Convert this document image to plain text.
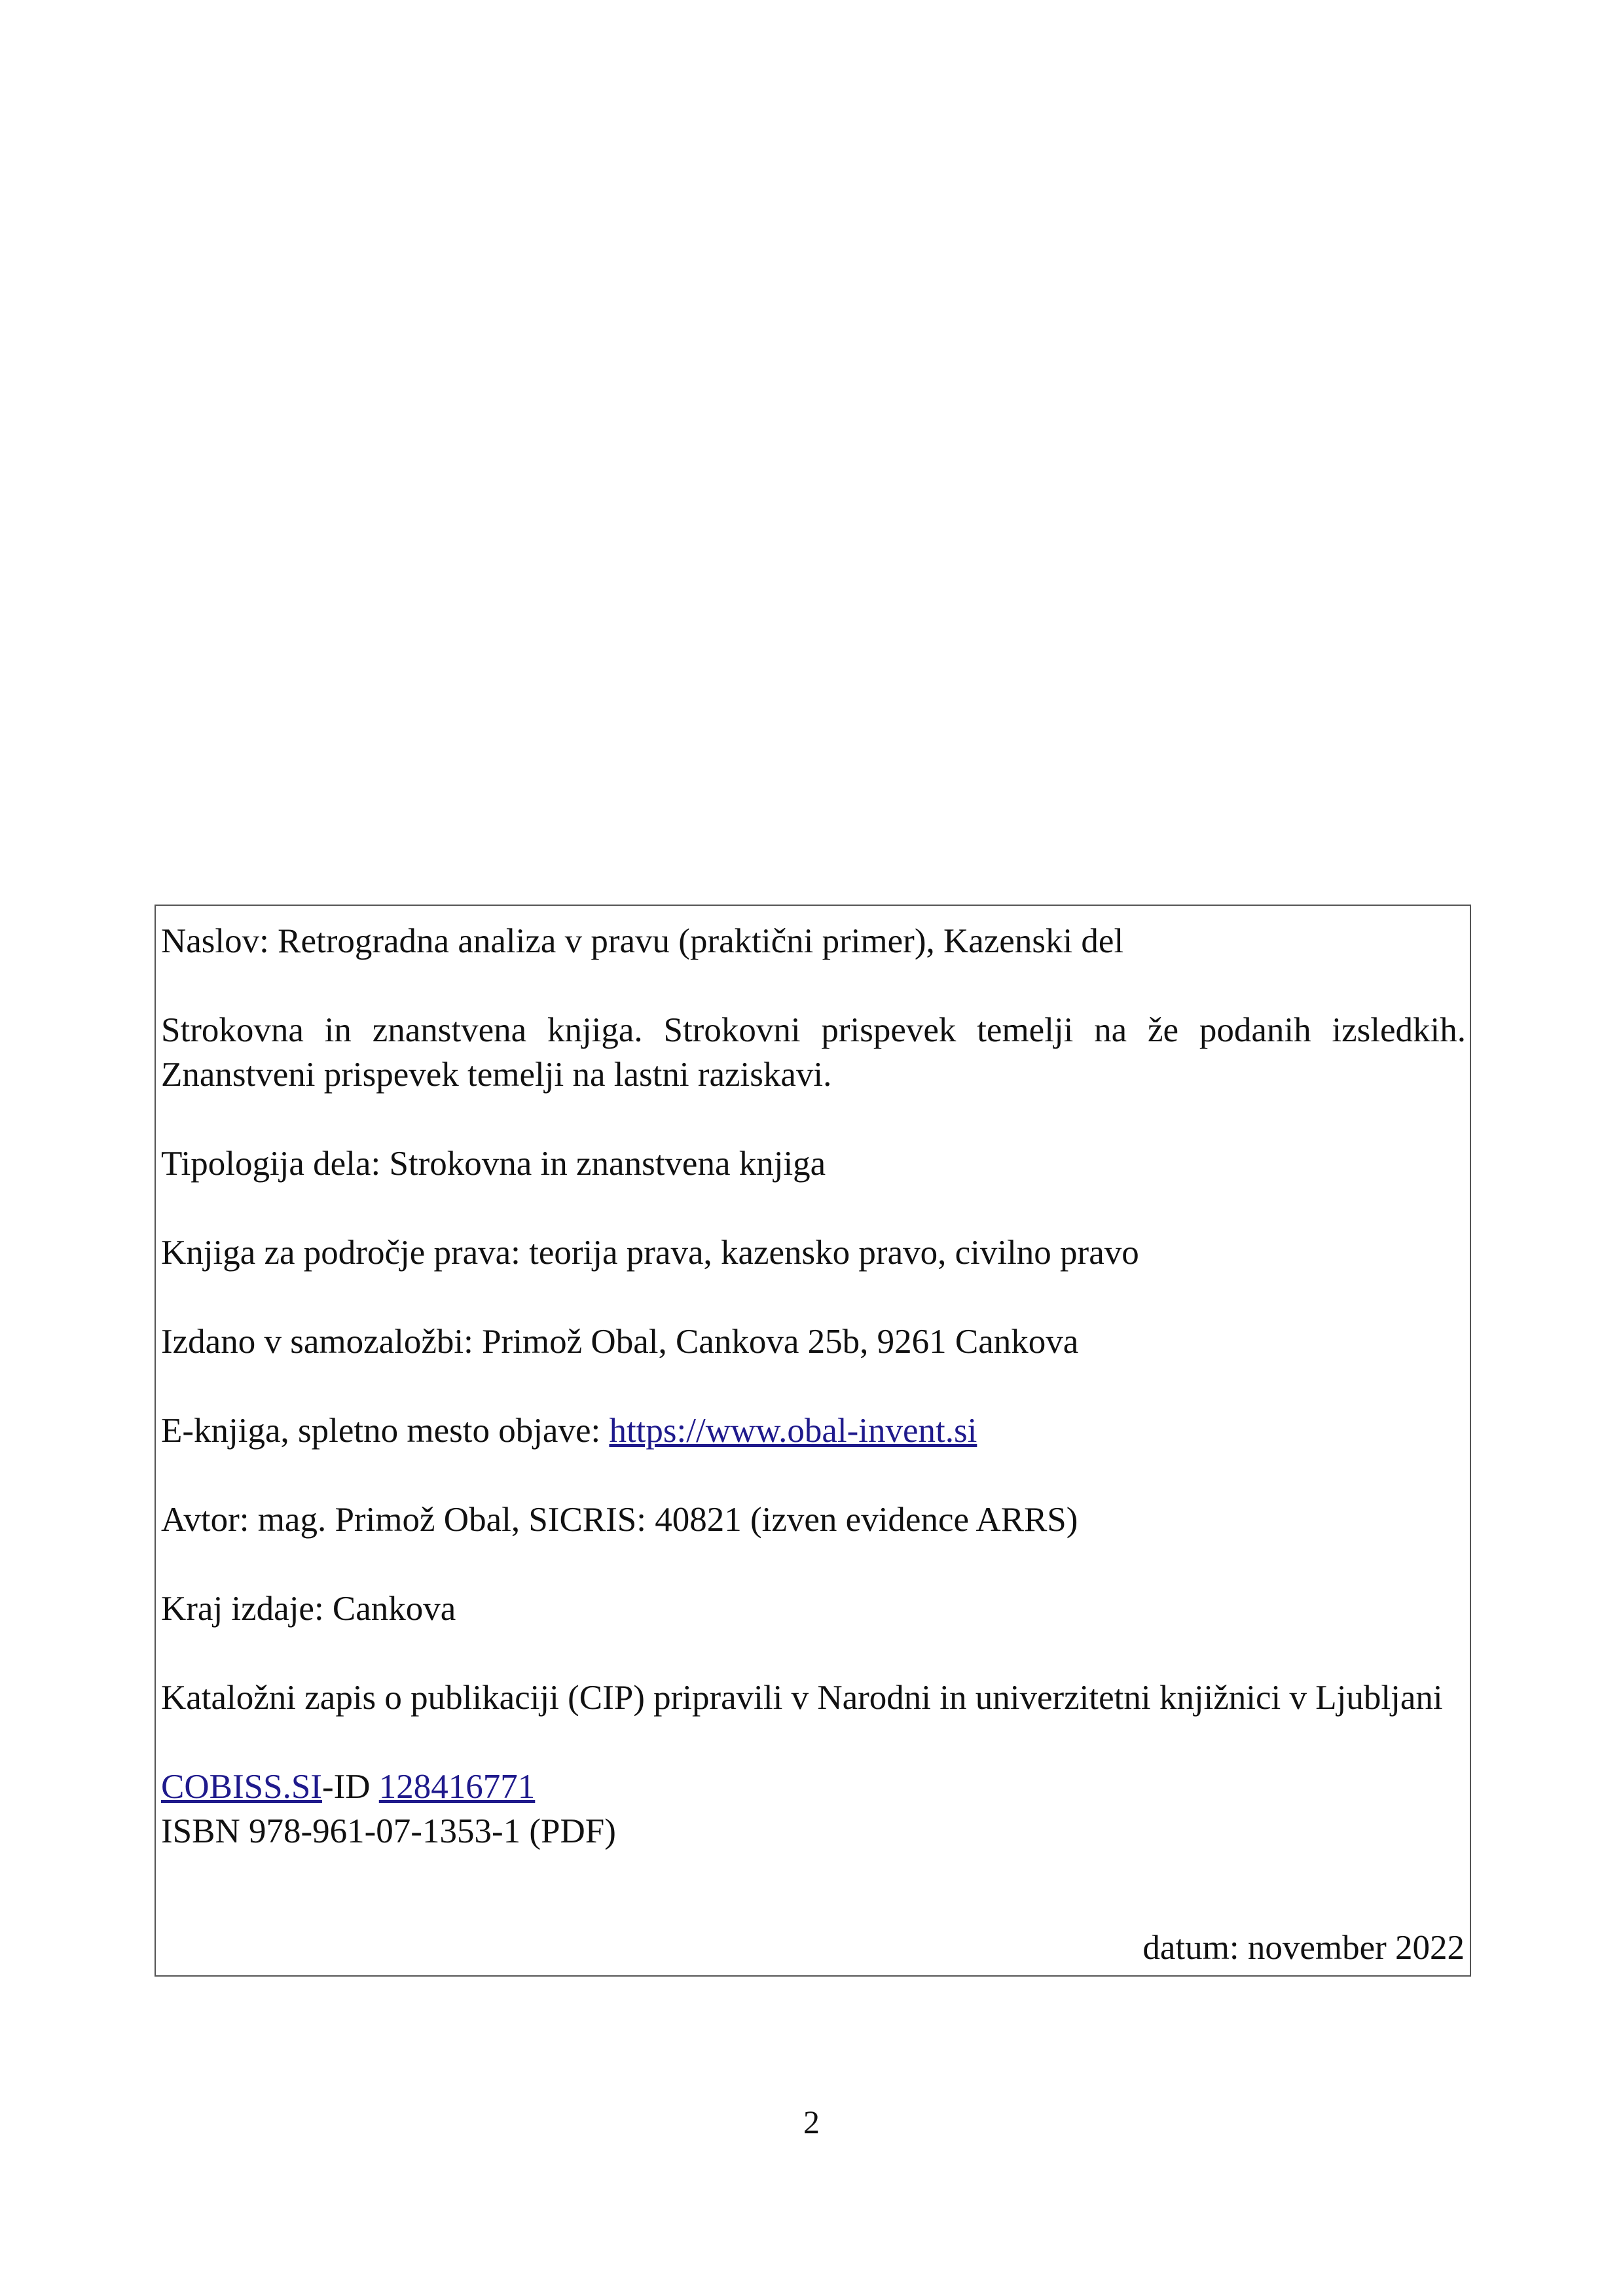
Naslov: Retrogradna analiza v pravu (praktični primer), Kazenski del

Strokovna in znanstvena knjiga. Strokovni prispevek temelji na že podanih izsledkih. Znanstveni prispevek temelji na lastni raziskavi.

Tipologija dela: Strokovna in znanstvena knjiga

Knjiga za področje prava: teorija prava, kazensko pravo, civilno pravo

Izdano v samozaložbi: Primož Obal, Cankova 25b, 9261 Cankova

E-knjiga, spletno mesto objave: https://www.obal-invent.si

Avtor: mag. Primož Obal, SICRIS: 40821 (izven evidence ARRS)

Kraj izdaje: Cankova

Kataložni zapis o publikaciji (CIP) pripravili v Narodni in univerzitetni knjižnici v Ljubljani

COBISS.SI-ID 128416771

ISBN 978-961-07-1353-1 (PDF)

datum: november 2022

2
